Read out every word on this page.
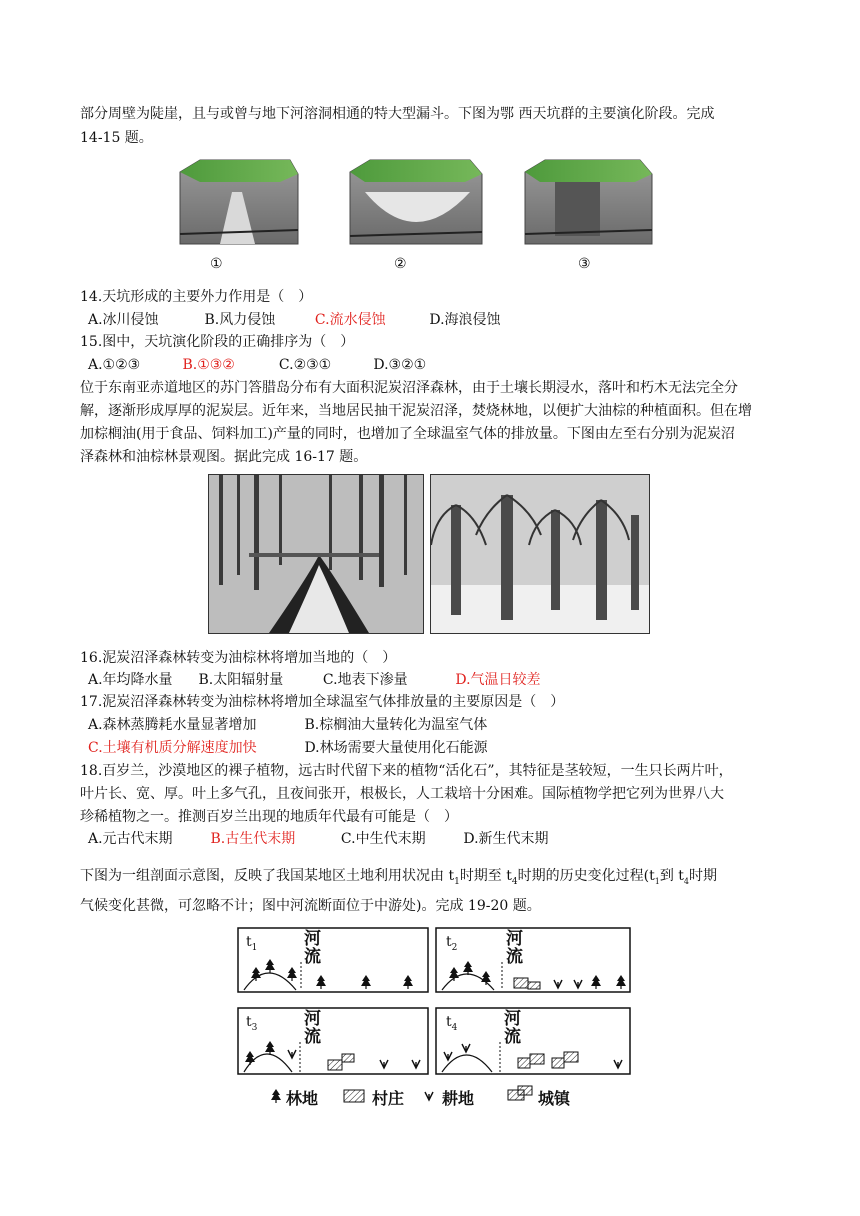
部分周壁为陡崖，且与或曾与地下河溶洞相通的特大型漏斗。下图为鄂 西天坑群的主要演化阶段。完成
14-15 题。
①	②	③
14.天坑形成的主要外力作用是（　）
A.冰川侵蚀	B.风力侵蚀	C.流水侵蚀	D.海浪侵蚀
15.图中，天坑演化阶段的正确排序为（　）
A.①②③	B.①③②	C.②③①	D.③②①
位于东南亚赤道地区的苏门答腊岛分布有大面积泥炭沼泽森林，由于土壤长期浸水，落叶和朽木无法完全分
解，逐渐形成厚厚的泥炭层。近年来，当地居民抽干泥炭沼泽，焚烧林地，以便扩大油棕的种植面积。但在增
加棕榈油(用于食品、饲料加工)产量的同时，也增加了全球温室气体的排放量。下图由左至右分别为泥炭沼
泽森林和油棕林景观图。据此完成 16-17 题。
16.泥炭沼泽森林转变为油棕林将增加当地的（　）
A.年均降水量 B.太阳辐射量	C.地表下渗量	D.气温日较差
17.泥炭沼泽森林转变为油棕林将增加全球温室气体排放量的主要原因是（　）
A.森林蒸腾耗水量显著增加	B.棕榈油大量转化为温室气体
C.土壤有机质分解速度加快	D.林场需要大量使用化石能源
18.百岁兰，沙漠地区的裸子植物，远古时代留下来的植物“活化石”，其特征是茎较短，一生只长两片叶，
叶片长、宽、厚。叶上多气孔，且夜间张开，根极长，人工栽培十分困难。国际植物学把它列为世界八大
珍稀植物之一。推测百岁兰出现的地质年代最有可能是（　）
A.元古代末期	B.古生代末期	C.中生代末期	D.新生代末期
下图为一组剖面示意图，反映了我国某地区土地利用状况由 $t_1$时期至 $t_4$时期的历史变化过程($t_1$到 $t_4$时期
气候变化甚微，可忽略不计；图中河流断面位于中游处)。完成 19-20 题。
$t_1$	$t_2$
$t_3$	$t_4$
河流
河流
河流
河流
林地	村庄 耕地	城镇
